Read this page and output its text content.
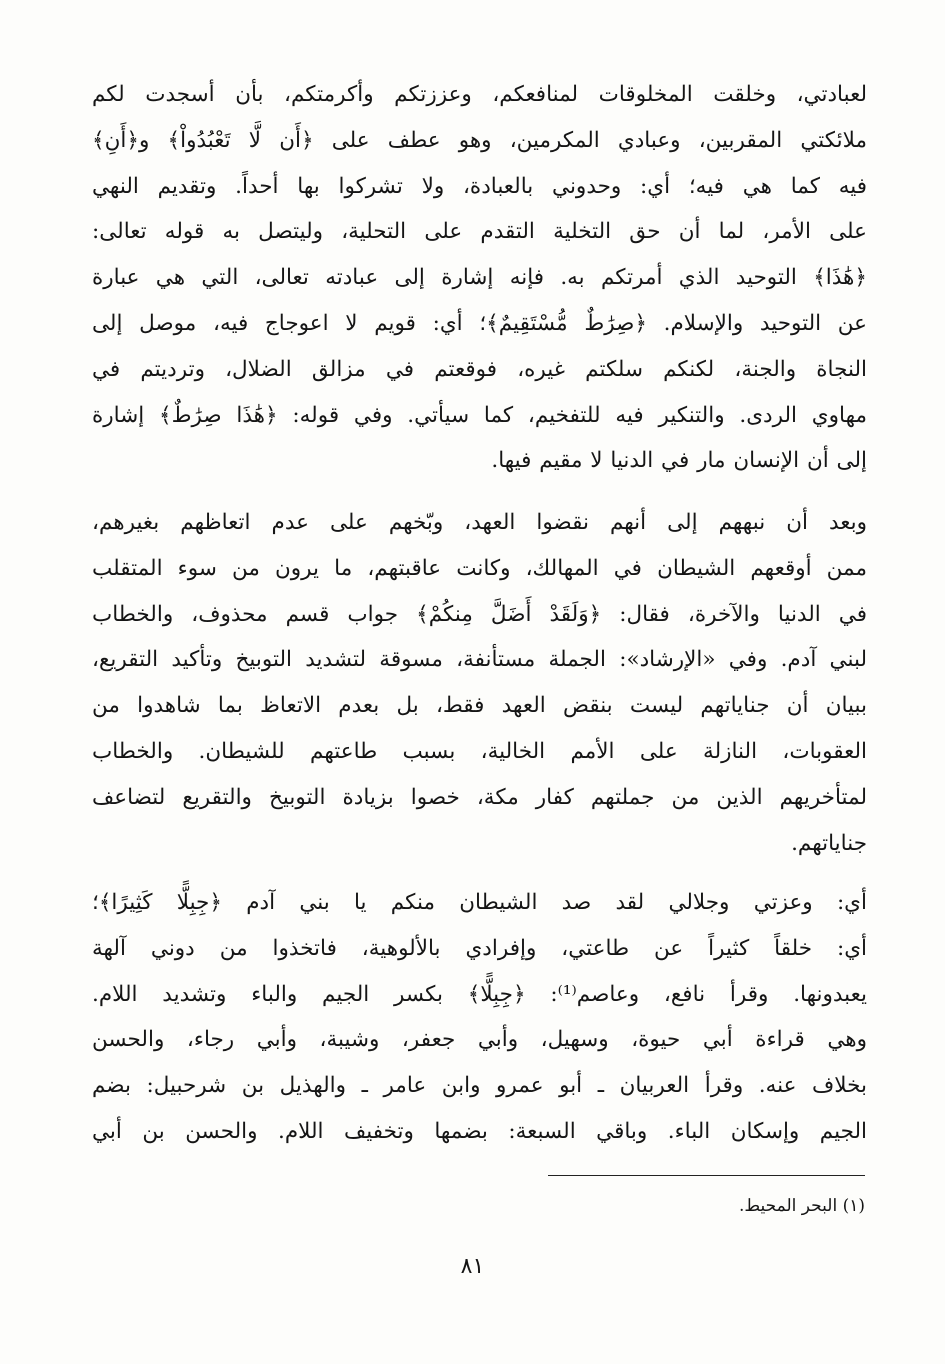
لعبادتي، وخلقت المخلوقات لمنافعكم، وعززتكم وأكرمتكم، بأن أسجدت لكم
ملائكتي المقربين، وعبادي المكرمين، وهو عطف على ﴿أَن لَّا تَعْبُدُواْ﴾ و﴿أَنِ﴾
فيه كما هي فيه؛ أي: وحدوني بالعبادة، ولا تشركوا بها أحداً. وتقديم النهي
على الأمر، لما أن حق التخلية التقدم على التحلية، وليتصل به قوله تعالى:
﴿هَٰذَا﴾ التوحيد الذي أمرتكم به. فإنه إشارة إلى عبادته تعالى، التي هي عبارة
عن التوحيد والإسلام. ﴿صِرَٰطٌ مُّسْتَقِيمٌ﴾؛ أي: قويم لا اعوجاج فيه، موصل إلى
النجاة والجنة، لكنكم سلكتم غيره، فوقعتم في مزالق الضلال، وترديتم في
مهاوي الردى. والتنكير فيه للتفخيم، كما سيأتي. وفي قوله: ﴿هَٰذَا صِرَٰطٌ﴾ إشارة
إلى أن الإنسان مار في الدنيا لا مقيم فيها.
وبعد أن نبههم إلى أنهم نقضوا العهد، وبّخهم على عدم اتعاظهم بغيرهم،
ممن أوقعهم الشيطان في المهالك، وكانت عاقبتهم، ما يرون من سوء المتقلب
في الدنيا والآخرة، فقال: ﴿وَلَقَدْ أَضَلَّ مِنكُمْ﴾ جواب قسم محذوف، والخطاب
لبني آدم. وفي «الإرشاد»: الجملة مستأنفة، مسوقة لتشديد التوبيخ وتأكيد التقريع،
ببيان أن جناياتهم ليست بنقض العهد فقط، بل بعدم الاتعاظ بما شاهدوا من
العقوبات، النازلة على الأمم الخالية، بسبب طاعتهم للشيطان. والخطاب
لمتأخريهم الذين من جملتهم كفار مكة، خصوا بزيادة التوبيخ والتقريع لتضاعف
جناياتهم.
أي: وعزتي وجلالي لقد صد الشيطان منكم يا بني آدم ﴿جِبِلًّا كَثِيرًا﴾؛
أي: خلقاً كثيراً عن طاعتي، وإفرادي بالألوهية، فاتخذوا من دوني آلهة
يعبدونها. وقرأ نافع، وعاصم⁽¹⁾: ﴿جِبِلًّا﴾ بكسر الجيم والباء وتشديد اللام.
وهي قراءة أبي حيوة، وسهيل، وأبي جعفر، وشيبة، وأبي رجاء، والحسن
بخلاف عنه. وقرأ العربيان ـ أبو عمرو وابن عامر ـ والهذيل بن شرحبيل: بضم
الجيم وإسكان الباء. وباقي السبعة: بضمها وتخفيف اللام. والحسن بن أبي
(١) البحر المحيط.
٨١
